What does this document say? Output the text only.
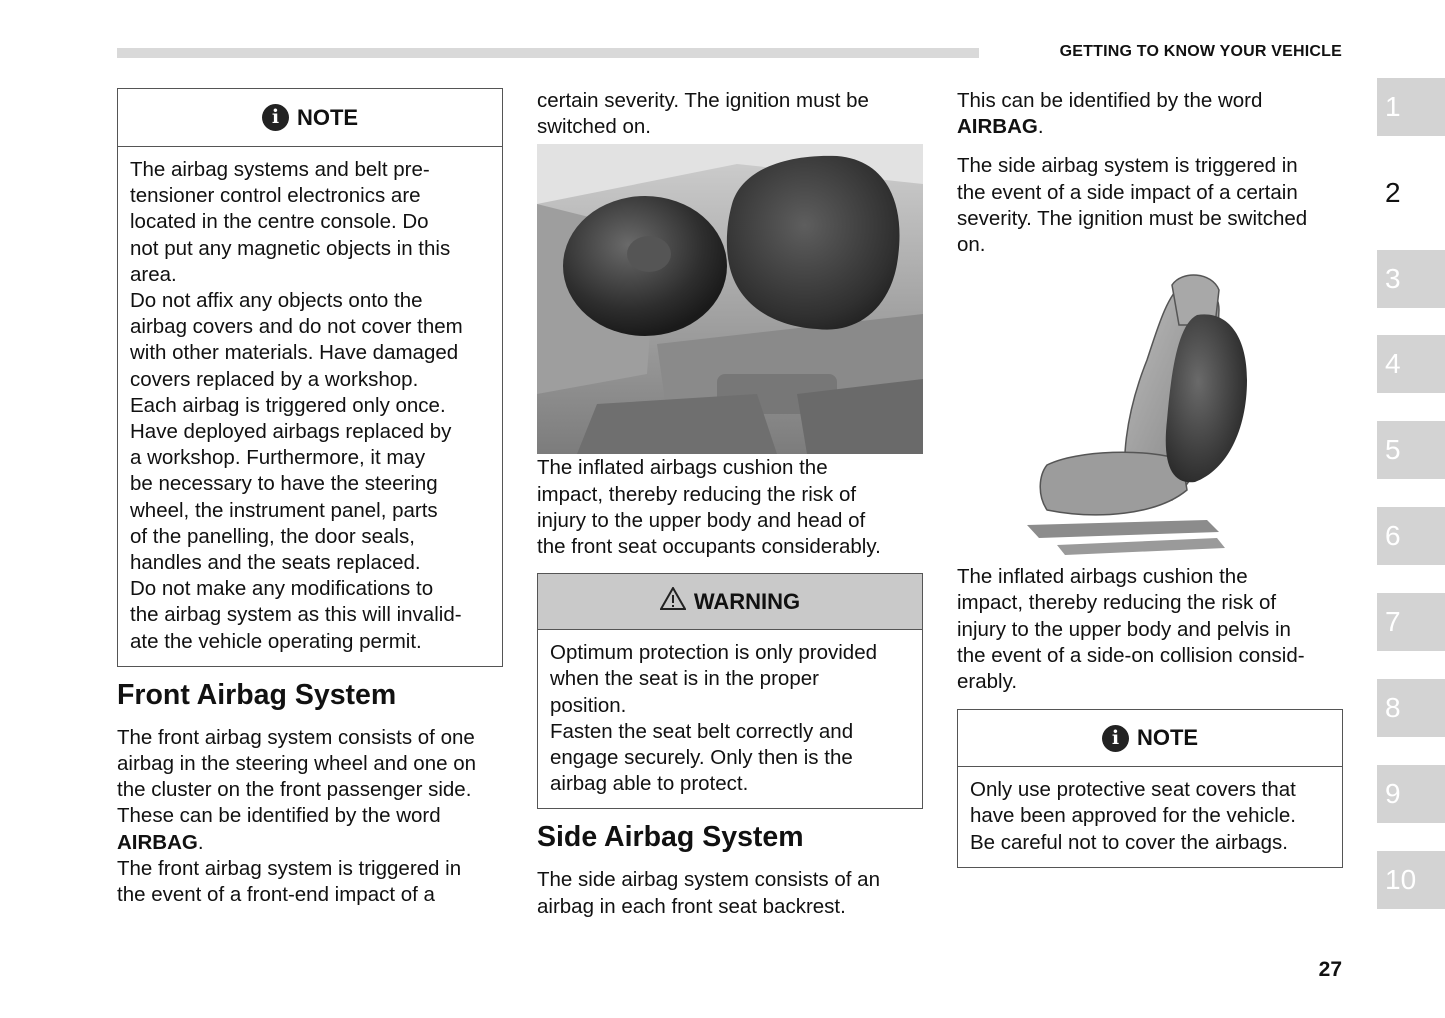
GETTING TO KNOW YOUR VEHICLE
i NOTE

The airbag systems and belt pre-

tensioner control electronics are

located in the centre console. Do

not put any magnetic objects in this

area.

Do not affix any objects onto the

airbag covers and do not cover them

with other materials. Have damaged

covers replaced by a workshop.

Each airbag is triggered only once.

Have deployed airbags replaced by

a workshop. Furthermore, it may

be necessary to have the steering

wheel, the instrument panel, parts

of the panelling, the door seals,

handles and the seats replaced.

Do not make any modifications to

the airbag system as this will invalid-

ate the vehicle operating permit.

Front Airbag System

The front airbag system consists of one

airbag in the steering wheel and one on

the cluster on the front passenger side.

These can be identified by the word

AIRBAG.

The front airbag system is triggered in

the event of a front-end impact of a

certain severity. The ignition must be

switched on.

The inflated airbags cushion the

impact, thereby reducing the risk of

injury to the upper body and head of

the front seat occupants considerably.

WARNING

Optimum protection is only provided

when the seat is in the proper

position.

Fasten the seat belt correctly and

engage securely. Only then is the

airbag able to protect.

Side Airbag System

The side airbag system consists of an

airbag in each front seat backrest.

This can be identified by the word

AIRBAG.

The side airbag system is triggered in

the event of a side impact of a certain

severity. The ignition must be switched

on.

The inflated airbags cushion the

impact, thereby reducing the risk of

injury to the upper body and pelvis in

the event of a side-on collision consid-

erably.

i NOTE

Only use protective seat covers that

have been approved for the vehicle.

Be careful not to cover the airbags.

1
2
3
4
5
6
7
8
9
10
27
